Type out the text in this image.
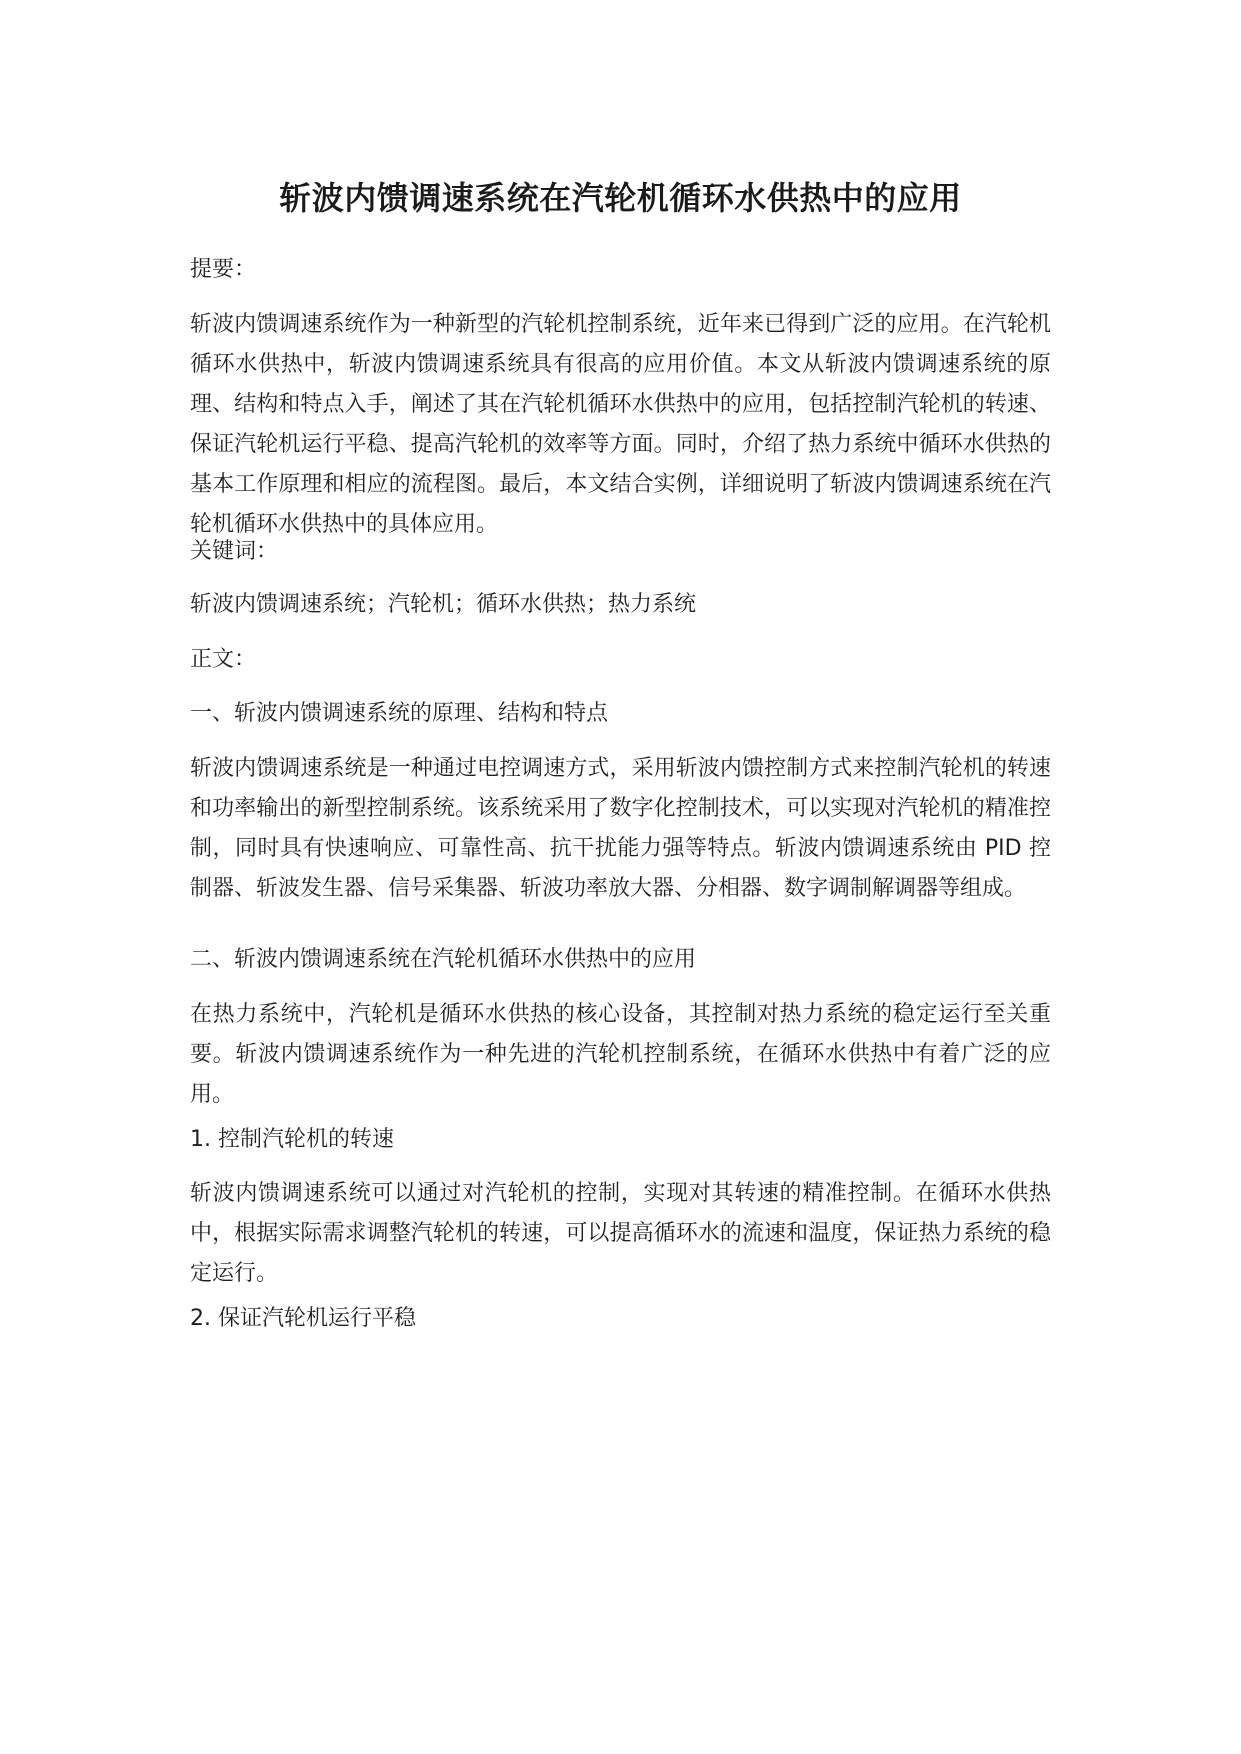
斩波内馈调速系统在汽轮机循环水供热中的应用

提要：

斩波内馈调速系统作为一种新型的汽轮机控制系统，近年来已得到广泛的应用。在汽轮机循环水供热中，斩波内馈调速系统具有很高的应用价值。本文从斩波内馈调速系统的原理、结构和特点入手，阐述了其在汽轮机循环水供热中的应用，包括控制汽轮机的转速、保证汽轮机运行平稳、提高汽轮机的效率等方面。同时，介绍了热力系统中循环水供热的基本工作原理和相应的流程图。最后，本文结合实例，详细说明了斩波内馈调速系统在汽轮机循环水供热中的具体应用。

关键词：

斩波内馈调速系统；汽轮机；循环水供热；热力系统

正文：

一、斩波内馈调速系统的原理、结构和特点

斩波内馈调速系统是一种通过电控调速方式，采用斩波内馈控制方式来控制汽轮机的转速和功率输出的新型控制系统。该系统采用了数字化控制技术，可以实现对汽轮机的精准控制，同时具有快速响应、可靠性高、抗干扰能力强等特点。斩波内馈调速系统由 PID 控制器、斩波发生器、信号采集器、斩波功率放大器、分相器、数字调制解调器等组成。

二、斩波内馈调速系统在汽轮机循环水供热中的应用

在热力系统中，汽轮机是循环水供热的核心设备，其控制对热力系统的稳定运行至关重要。斩波内馈调速系统作为一种先进的汽轮机控制系统，在循环水供热中有着广泛的应用。

1. 控制汽轮机的转速

斩波内馈调速系统可以通过对汽轮机的控制，实现对其转速的精准控制。在循环水供热中，根据实际需求调整汽轮机的转速，可以提高循环水的流速和温度，保证热力系统的稳定运行。

2. 保证汽轮机运行平稳
